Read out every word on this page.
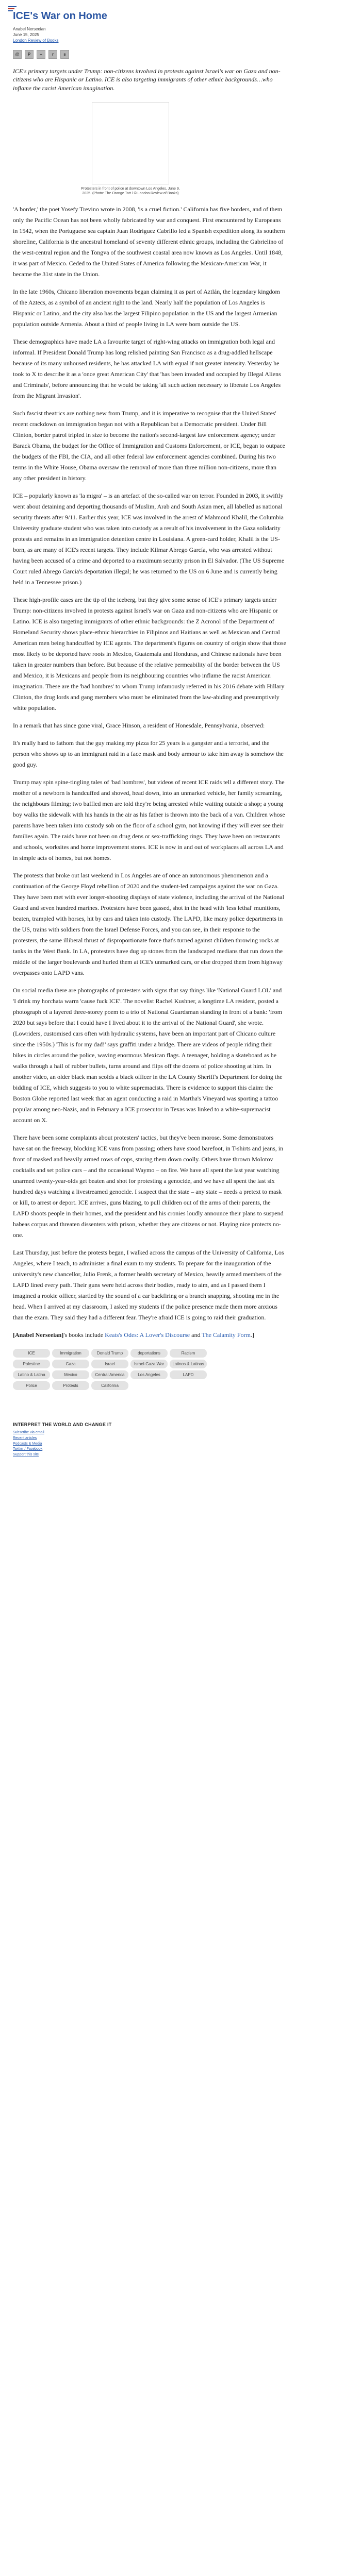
ICE's War on Home
Anabel Nerseeian
June 15, 2025
London Review of Books
@	P	+	r	s

ICE's primary targets under Trump: non-citizens involved in protests against Israel's war on Gaza and non-citizens who are Hispanic or Latino. ICE is also targeting immigrants of other ethnic backgrounds…who inflame the racist American imagination.

Protesters in front of police at downtown Los Angeles, June 9, 2025. (Photo: The Orange Tatt / © London Review of Books)

'A border,' the poet Yosefy Trevino wrote in 2008, 'is a cruel fiction.' California has five borders, and of them only the Pacific Ocean has not been wholly fabricated by war and conquest. First encountered by Europeans in 1542, when the Portuguese sea captain Juan Rodríguez Cabrillo led a Spanish expedition along its southern shoreline, California is the ancestral homeland of seventy different ethnic groups, including the Gabrielino of the west-central region and the Tongva of the southwest coastal area now known as Los Angeles. Until 1848, it was part of Mexico. Ceded to the United States of America following the Mexican-American War, it became the 31st state in the Union.

In the late 1960s, Chicano liberation movements began claiming it as part of Aztlán, the legendary kingdom of the Aztecs, as a symbol of an ancient right to the land. Nearly half the population of Los Angeles is Hispanic or Latino, and the city also has the largest Filipino population in the US and the largest Armenian population outside Armenia. About a third of people living in LA were born outside the US.

These demographics have made LA a favourite target of right-wing attacks on immigration both legal and informal. If President Donald Trump has long relished painting San Francisco as a drug-addled hellscape because of its many unhoused residents, he has attacked LA with equal if not greater intensity. Yesterday he took to X to describe it as a 'once great American City' that 'has been invaded and occupied by Illegal Aliens and Criminals', before announcing that he would be taking 'all such action necessary to liberate Los Angeles from the Migrant Invasion'.

Such fascist theatrics are nothing new from Trump, and it is imperative to recognise that the United States' recent crackdown on immigration began not with a Republican but a Democratic president. Under Bill Clinton, border patrol tripled in size to become the nation's second-largest law enforcement agency; under Barack Obama, the budget for the Office of Immigration and Customs Enforcement, or ICE, began to outpace the budgets of the FBI, the CIA, and all other federal law enforcement agencies combined. During his two terms in the White House, Obama oversaw the removal of more than three million non-citizens, more than any other president in history.

ICE – popularly known as 'la migra' – is an artefact of the so-called war on terror. Founded in 2003, it swiftly went about detaining and deporting thousands of Muslim, Arab and South Asian men, all labelled as national security threats after 9/11. Earlier this year, ICE was involved in the arrest of Mahmoud Khalil, the Columbia University graduate student who was taken into custody as a result of his involvement in the Gaza solidarity protests and remains in an immigration detention centre in Louisiana. A green-card holder, Khalil is the US-born, as are many of ICE's recent targets. They include Kilmar Abrego García, who was arrested without having been accused of a crime and deported to a maximum security prison in El Salvador. (The US Supreme Court ruled Abrego Garcia's deportation illegal; he was returned to the US on 6 June and is currently being held in a Tennessee prison.)

These high-profile cases are the tip of the iceberg, but they give some sense of ICE's primary targets under Trump: non-citizens involved in protests against Israel's war on Gaza and non-citizens who are Hispanic or Latino. ICE is also targeting immigrants of other ethnic backgrounds: the Z Acronol of the Department of Homeland Security shows place-ethnic hierarchies in Filipinos and Haitians as well as Mexican and Central American men being handcuffed by ICE agents. The department's figures on country of origin show that those most likely to be deported have roots in Mexico, Guatemala and Honduras, and Chinese nationals have been taken in greater numbers than before. But because of the relative permeability of the border between the US and Mexico, it is Mexicans and people from its neighbouring countries who inflame the racist American imagination. These are the 'bad hombres' to whom Trump infamously referred in his 2016 debate with Hillary Clinton, the drug lords and gang members who must be eliminated from the law-abiding and presumptively white population.

In a remark that has since gone viral, Grace Hinson, a resident of Honesdale, Pennsylvania, observed:

It's really hard to fathom that the guy making my pizza for 25 years is a gangster and a terrorist, and the person who shows up to an immigrant raid in a face mask and body armour to take him away is somehow the good guy.

Trump may spin spine-tingling tales of 'bad hombres', but videos of recent ICE raids tell a different story. The mother of a newborn is handcuffed and shoved, head down, into an unmarked vehicle, her family screaming, the neighbours filming; two baffled men are told they're being arrested while waiting outside a shop; a young boy walks the sidewalk with his hands in the air as his father is thrown into the back of a van. Children whose parents have been taken into custody sob on the floor of a school gym, not knowing if they will ever see their families again. The raids have not been on drug dens or sex-trafficking rings. They have been on restaurants and schools, worksites and home improvement stores. ICE is now in and out of workplaces all across LA and in simple acts of homes, but not homes.

The protests that broke out last weekend in Los Angeles are of once an autonomous phenomenon and a continuation of the George Floyd rebellion of 2020 and the student-led campaigns against the war on Gaza. They have been met with ever longer-shooting displays of state violence, including the arrival of the National Guard and seven hundred marines. Protesters have been gassed, shot in the head with 'less lethal' munitions, beaten, trampled with horses, hit by cars and taken into custody. The LAPD, like many police departments in the US, trains with soldiers from the Israel Defense Forces, and you can see, in their response to the protesters, the same illiberal thrust of disproportionate force that's turned against children throwing rocks at tanks in the West Bank. In LA, protesters have dug up stones from the landscaped medians that run down the middle of the larger boulevards and hurled them at ICE's unmarked cars, or else dropped them from highway overpasses onto LAPD vans.

On social media there are photographs of protesters with signs that say things like 'National Guard LOL' and 'I drink my horchata warm 'cause fuck ICE'. The novelist Rachel Kushner, a longtime LA resident, posted a photograph of a layered three-storey poem to a trio of National Guardsman standing in front of a bank: 'from 2020 but says before that I could have I lived about it to the arrival of the National Guard', she wrote. (Lowriders, customised cars often with hydraulic systems, have been an important part of Chicano culture since the 1950s.) 'This is for my dad!' says graffiti under a bridge. There are videos of people riding their bikes in circles around the police, waving enormous Mexican flags. A teenager, holding a skateboard as he walks through a hail of rubber bullets, turns around and flips off the dozens of police shooting at him. In another video, an older black man scolds a black officer in the LA County Sheriff's Department for doing the bidding of ICE, which suggests to you to white supremacists. There is evidence to support this claim: the Boston Globe reported last week that an agent conducting a raid in Martha's Vineyard was sporting a tattoo popular among neo-Nazis, and in February a ICE prosecutor in Texas was linked to a white-supremacist account on X.

There have been some complaints about protesters' tactics, but they've been morose. Some demonstrators have sat on the freeway, blocking ICE vans from passing; others have stood barefoot, in T-shirts and jeans, in front of masked and heavily armed rows of cops, staring them down coolly. Others have thrown Molotov cocktails and set police cars – and the occasional Waymo – on fire. We have all spent the last year watching unarmed twenty-year-olds get beaten and shot for protesting a genocide, and we have all spent the last six hundred days watching a livestreamed genocide. I suspect that the state – any state – needs a pretext to mask or kill, to arrest or deport. ICE arrives, guns blazing, to pull children out of the arms of their parents, the LAPD shoots people in their homes, and the president and his cronies loudly announce their plans to suspend habeas corpus and threaten dissenters with prison, whether they are citizens or not. Playing nice protects no-one.

Last Thursday, just before the protests began, I walked across the campus of the University of California, Los Angeles, where I teach, to administer a final exam to my students. To prepare for the inauguration of the university's new chancellor, Julio Frenk, a former health secretary of Mexico, heavily armed members of the LAPD lined every path. Their guns were held across their bodies, ready to aim, and as I passed them I imagined a rookie officer, startled by the sound of a car backfiring or a branch snapping, shooting me in the head. When I arrived at my classroom, I asked my students if the police presence made them more anxious than the exam. They said they had a different fear. They're afraid ICE is going to raid their graduation.

[Anabel Nerseeian]'s books include Keats's Odes: A Lover's Discourse and The Calamity Form.]

ICE	Immigration	Donald Trump	deportations	Racism
Palestine	Gaza	Israel	Israel-Gaza War	Latinos & Latinas
Latino & Latina	Mexico	Central America	Los Angeles	LAPD
Police	Protests	California
INTERPRET THE WORLD AND CHANGE IT
Subscribe via email
Recent articles
Podcasts & Media
Twitter / Facebook
Support this site
